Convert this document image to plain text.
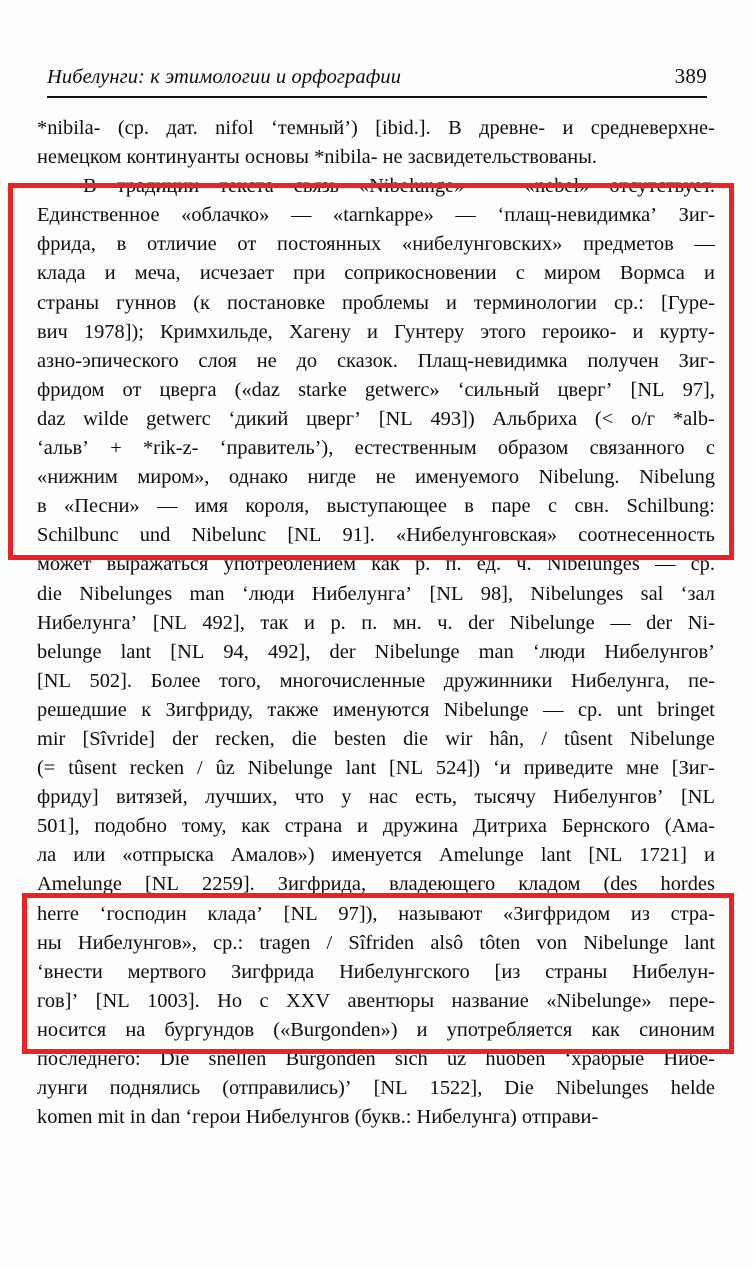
Нибелунги: к этимологии и орфографии	389

*nibila- (ср. дат. nifol ‘темный’) [ibid.]. В древне- и средневерхне-
немецком континуанты основы *nibila- не засвидетельствованы.

В традиции текста связь «Nibelunge» — «nebel» отсутствует.
Единственное «облачко» — «tarnkappe» — ‘плащ-невидимка’ Зиг-
фрида, в отличие от постоянных «нибелунговских» предметов —
клада и меча, исчезает при соприкосновении с миром Вормса и
страны гуннов (к постановке проблемы и терминологии ср.: [Гуре-
вич 1978]); Кримхильде, Хагену и Гунтеру этого героико- и курту-
азно-эпического слоя не до сказок. Плащ-невидимка получен Зиг-
фридом от цверга («daz starke getwerc» ‘сильный цверг’ [NL 97],
daz wilde getwerc ‘дикий цверг’ [NL 493]) Альбриха (< о/г *alb-
‘альв’ + *rik-z- ‘правитель’), естественным образом связанного с
«нижним миром», однако нигде не именуемого Nibelung. Nibelung
в «Песни» — имя короля, выступающее в паре с свн. Schilbung:
Schilbunc und Nibelunc [NL 91]. «Нибелунговская» соотнесенность
может выражаться употреблением как р. п. ед. ч. Nibelunges — ср.
die Nibelunges man ‘люди Нибелунга’ [NL 98], Nibelunges sal ‘зал
Нибелунга’ [NL 492], так и р. п. мн. ч. der Nibelunge — der Ni-
belunge lant [NL 94, 492], der Nibelunge man ‘люди Нибелунгов’
[NL 502]. Более того, многочисленные дружинники Нибелунга, пе-
решедшие к Зигфриду, также именуются Nibelunge — ср. unt bringet
mir [Sîvride] der recken, die besten die wir hân, / tûsent Nibelunge
(= tûsent recken / ûz Nibelunge lant [NL 524]) ‘и приведите мне [Зиг-
фриду] витязей, лучших, что у нас есть, тысячу Нибелунгов’ [NL
501], подобно тому, как страна и дружина Дитриха Бернского (Ама-
ла или «отпрыска Амалов») именуется Amelunge lant [NL 1721] и
Amelunge [NL 2259]. Зигфрида, владеющего кладом (des hordes
herre ‘господин клада’ [NL 97]), называют «Зигфридом из стра-
ны Нибелунгов», ср.: tragen / Sîfriden alsô tôten von Nibelunge lant
‘внести мертвого Зигфрида Нибелунгского [из страны Нибелун-
гов]’ [NL 1003]. Но с XXV авентюры название «Nibelunge» пере-
носится на бургундов («Burgonden») и употребляется как синоним
последнего: Die snellen Burgonden sich ûz huoben ‘храбрые Нибе-
лунги поднялись (отправились)’ [NL 1522], Die Nibelunges helde
komen mit in dan ‘герои Нибелунгов (букв.: Нибелунга) отправи-
